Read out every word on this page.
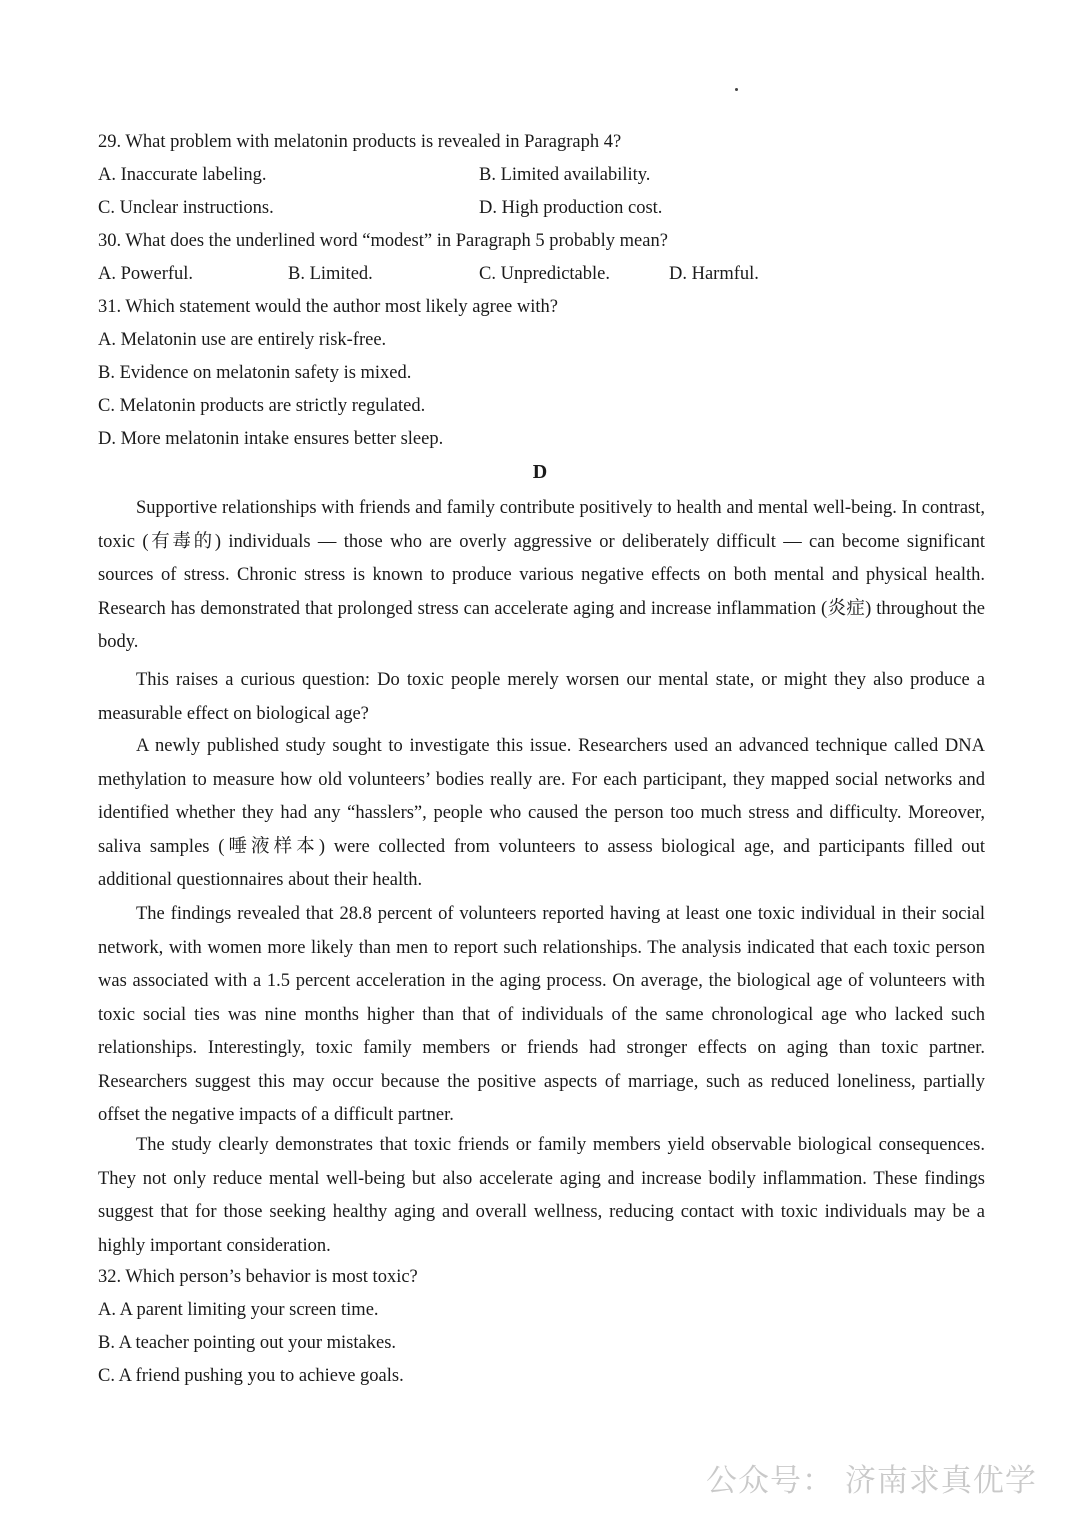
29. What problem with melatonin products is revealed in Paragraph 4?
A. Inaccurate labeling.	B. Limited availability.
C. Unclear instructions.	D. High production cost.
30. What does the underlined word “modest” in Paragraph 5 probably mean?
A. Powerful.	B. Limited.	C. Unpredictable.	D. Harmful.
31. Which statement would the author most likely agree with?
A. Melatonin use are entirely risk-free.
B. Evidence on melatonin safety is mixed.
C. Melatonin products are strictly regulated.
D. More melatonin intake ensures better sleep.
D

Supportive relationships with friends and family contribute positively to health and mental well-being. In contrast, toxic (有毒的) individuals — those who are overly aggressive or deliberately difficult — can become significant sources of stress. Chronic stress is known to produce various negative effects on both mental and physical health. Research has demonstrated that prolonged stress can accelerate aging and increase inflammation (炎症) throughout the body.

This raises a curious question: Do toxic people merely worsen our mental state, or might they also produce a measurable effect on biological age?

A newly published study sought to investigate this issue. Researchers used an advanced technique called DNA methylation to measure how old volunteers’ bodies really are. For each participant, they mapped social networks and identified whether they had any “hasslers”, people who caused the person too much stress and difficulty. Moreover, saliva samples (唾液样本) were collected from volunteers to assess biological age, and participants filled out additional questionnaires about their health.

The findings revealed that 28.8 percent of volunteers reported having at least one toxic individual in their social network, with women more likely than men to report such relationships. The analysis indicated that each toxic person was associated with a 1.5 percent acceleration in the aging process. On average, the biological age of volunteers with toxic social ties was nine months higher than that of individuals of the same chronological age who lacked such relationships. Interestingly, toxic family members or friends had stronger effects on aging than toxic partner. Researchers suggest this may occur because the positive aspects of marriage, such as reduced loneliness, partially offset the negative impacts of a difficult partner.

The study clearly demonstrates that toxic friends or family members yield observable biological consequences. They not only reduce mental well-being but also accelerate aging and increase bodily inflammation. These findings suggest that for those seeking healthy aging and overall wellness, reducing contact with toxic individuals may be a highly important consideration.

32. Which person’s behavior is most toxic?
A. A parent limiting your screen time.
B. A teacher pointing out your mistakes.
C. A friend pushing you to achieve goals.
公众号： 济南求真优学
